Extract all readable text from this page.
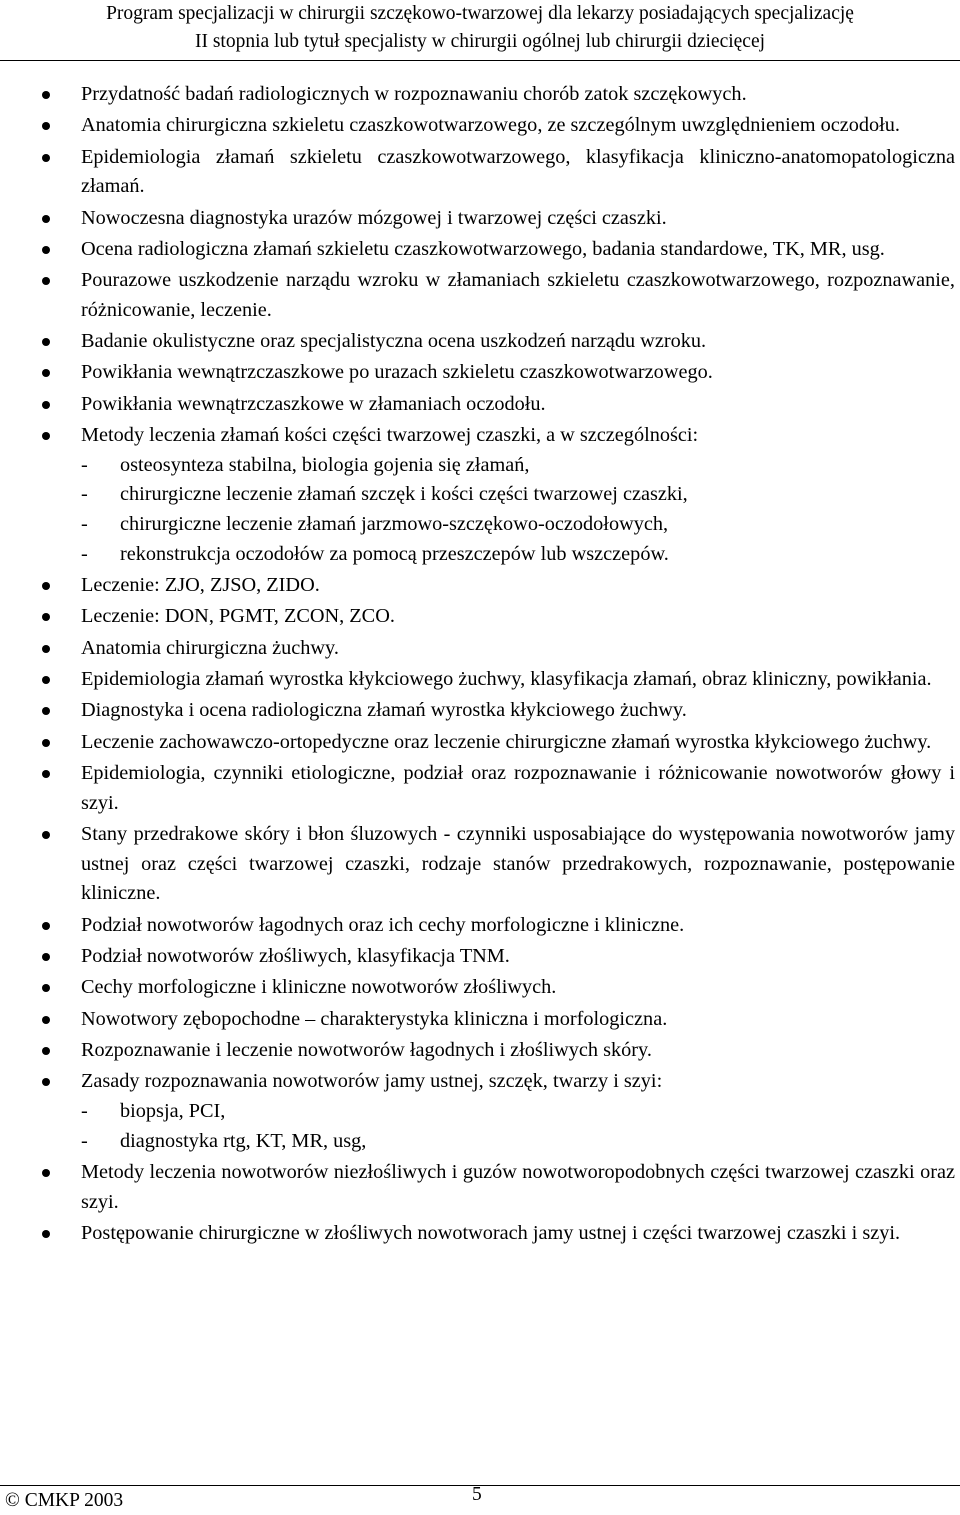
Program specjalizacji w chirurgii szczękowo-twarzowej dla lekarzy posiadających specjalizację
II stopnia lub tytuł specjalisty w chirurgii ogólnej lub chirurgii dziecięcej
Przydatność badań radiologicznych w rozpoznawaniu chorób zatok szczękowych.
Anatomia chirurgiczna szkieletu czaszkowotwarzowego, ze szczególnym uwzględnieniem oczodołu.
Epidemiologia złamań szkieletu czaszkowotwarzowego, klasyfikacja kliniczno-anatomopatologiczna złamań.
Nowoczesna diagnostyka urazów mózgowej i twarzowej części czaszki.
Ocena radiologiczna złamań szkieletu czaszkowotwarzowego, badania standardowe, TK, MR, usg.
Pourazowe uszkodzenie narządu wzroku w złamaniach szkieletu czaszkowotwarzowego, rozpoznawanie, różnicowanie, leczenie.
Badanie okulistyczne oraz specjalistyczna ocena uszkodzeń narządu wzroku.
Powikłania wewnątrzczaszkowe po urazach szkieletu czaszkowotwarzowego.
Powikłania wewnątrzczaszkowe w złamaniach oczodołu.
Metody leczenia złamań kości części twarzowej czaszki, a w szczególności:
- osteosynteza stabilna, biologia gojenia się złamań,
- chirurgiczne leczenie złamań szczęk i kości części twarzowej czaszki,
- chirurgiczne leczenie złamań jarzmowo-szczękowo-oczodołowych,
- rekonstrukcja oczodołów za pomocą przeszczepów lub wszczepów.
Leczenie: ZJO, ZJSO, ZIDO.
Leczenie: DON, PGMT, ZCON, ZCO.
Anatomia chirurgiczna żuchwy.
Epidemiologia złamań wyrostka kłykciowego żuchwy, klasyfikacja złamań, obraz kliniczny, powikłania.
Diagnostyka i ocena radiologiczna złamań wyrostka kłykciowego żuchwy.
Leczenie zachowawczo-ortopedyczne oraz leczenie chirurgiczne złamań wyrostka kłykciowego żuchwy.
Epidemiologia, czynniki etiologiczne, podział oraz rozpoznawanie i różnicowanie nowotworów głowy i szyi.
Stany przedrakowe skóry i błon śluzowych - czynniki usposabiające do występowania nowotworów jamy ustnej oraz części twarzowej czaszki, rodzaje stanów przedrakowych, rozpoznawanie, postępowanie kliniczne.
Podział nowotworów łagodnych oraz ich cechy morfologiczne i kliniczne.
Podział nowotworów złośliwych, klasyfikacja TNM.
Cechy morfologiczne i kliniczne nowotworów złośliwych.
Nowotwory zębopochodne – charakterystyka kliniczna i morfologiczna.
Rozpoznawanie i leczenie nowotworów łagodnych i złośliwych skóry.
Zasady rozpoznawania nowotworów jamy ustnej, szczęk, twarzy i szyi:
- biopsja, PCI,
- diagnostyka rtg, KT, MR, usg,
Metody leczenia nowotworów niezłośliwych i guzów nowotworopodobnych części twarzowej czaszki oraz szyi.
Postępowanie chirurgiczne w złośliwych nowotworach jamy ustnej i części twarzowej czaszki i szyi.
© CMKP 2003	5
